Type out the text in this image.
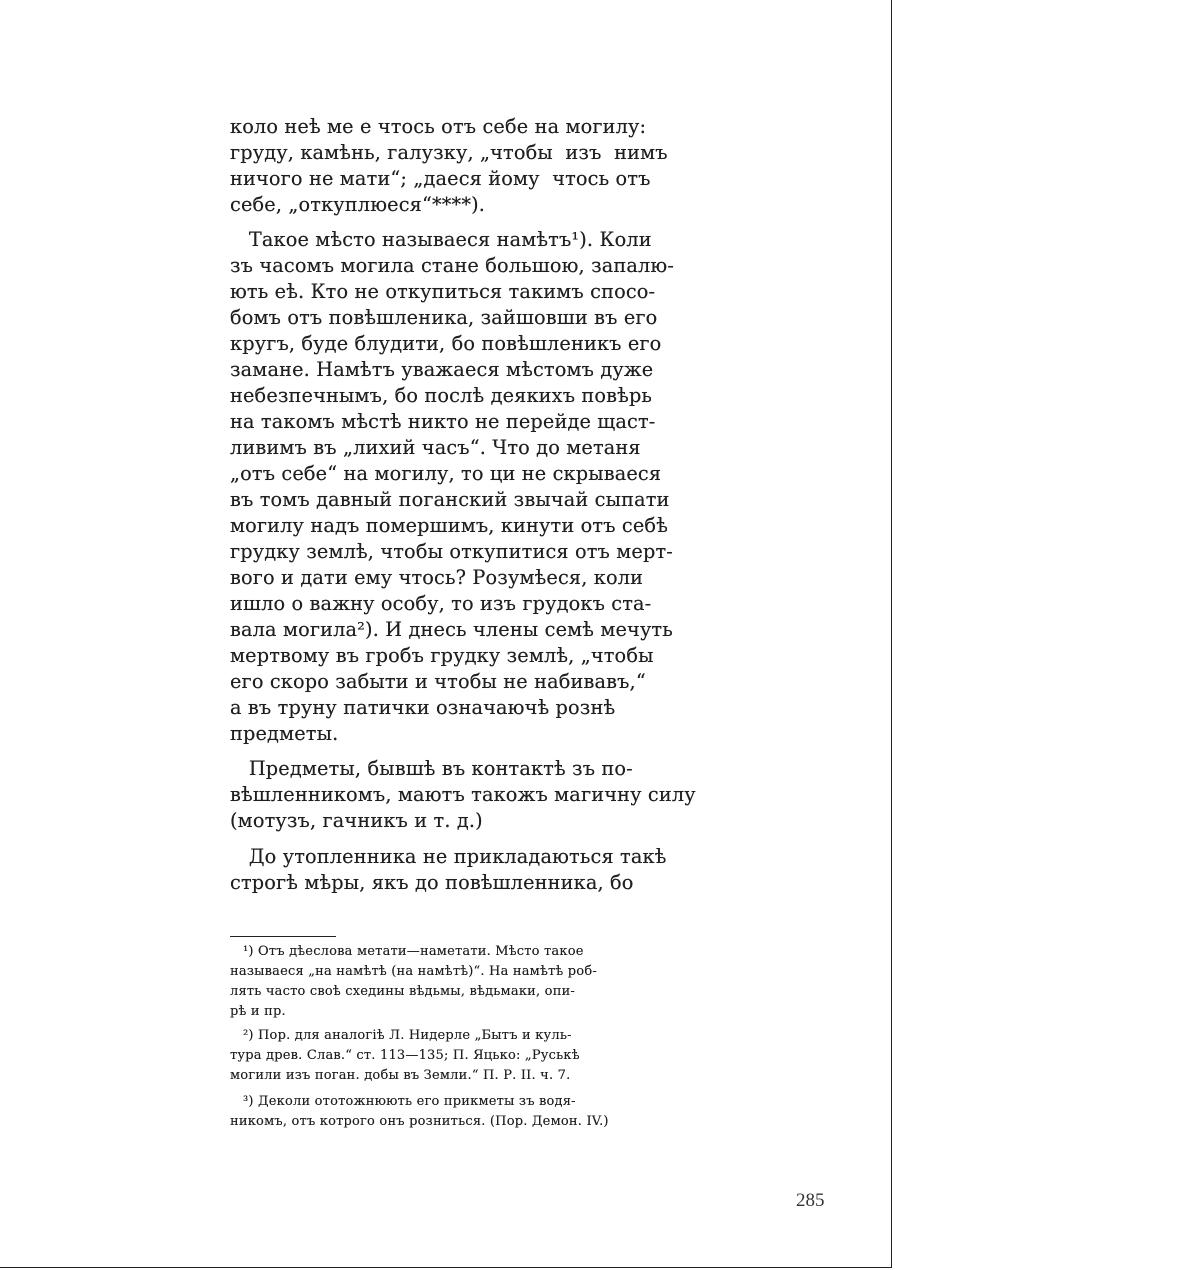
коло неѣ ме е чтось отъ себе на могилу:
груду, камѣнь, галузку, „чтобы  изъ  нимъ
ничого не мати“; „даеся йому  чтось отъ
себе, „откуплюеся“****).
Такое мѣсто называеся намѣтъ¹). Коли
зъ часомъ могила стане большою, запалю-
ють еѣ. Кто не откупиться такимъ спосо-
бомъ отъ повѣшленика, зайшовши въ его
кругъ, буде блудити, бо повѣшленикъ его
замане. Намѣтъ уважаеся мѣстомъ дуже
небезпечнымъ, бо послѣ деякихъ повѣрь
на такомъ мѣстѣ никто не перейде щаст-
ливимъ въ „лихий часъ“. Что до метаня
„отъ себе“ на могилу, то ци не скрываеся
въ томъ давный поганский звычай сыпати
могилу надъ помершимъ, кинути отъ себѣ
грудку землѣ, чтобы откупитися отъ мерт-
вого и дати ему чтось? Розумѣеся, коли
ишло о важну особу, то изъ грудокъ ста-
вала могила²). И днесь члены семѣ мечуть
мертвому въ гробъ грудку землѣ, „чтобы
его скоро забыти и чтобы не набивавъ,“
а въ труну патички означаючѣ рознѣ
предметы.
Предметы, бывшѣ въ контактѣ зъ по-
вѣшленникомъ, маютъ такожъ магичну силу
(мотузъ, гачникъ и т. д.)
До утопленника не прикладаються такѣ
строгѣ мѣры, якъ до повѣшленника, бо
¹) Отъ дѣеслова метати—наметати. Мѣсто такое
называеся „на намѣтѣ (на намѣтѣ)“. На намѣтѣ роб-
лять часто своѣ схедины вѣдьмы, вѣдьмаки, опи-
рѣ и пр.
²) Пор. для аналогіѣ Л. Нидерле „Бытъ и куль-
тура древ. Слав.“ ст. 113—135; П. Яцько: „Руськѣ
могили изъ поган. добы въ Земли.“ П. Р. II. ч. 7.
³) Деколи ототожнюють его прикметы зъ водя-
никомъ, отъ котрого онъ розниться. (Пор. Демон. IV.)
285
